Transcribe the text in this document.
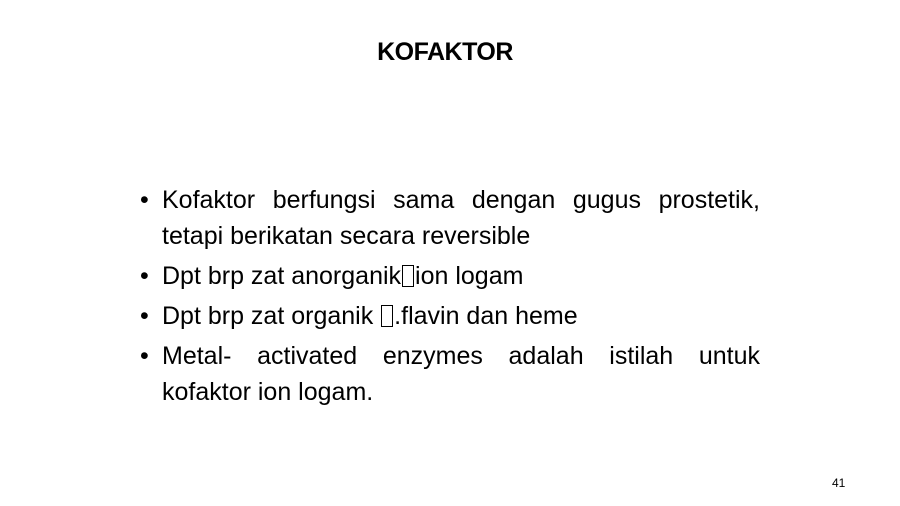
KOFAKTOR
• Kofaktor berfungsi sama dengan gugus prostetik, tetapi berikatan secara reversible
• Dpt brp zat anorganik ion logam
• Dpt brp zat organik .flavin dan heme
• Metal- activated enzymes adalah istilah untuk kofaktor ion logam.
41
